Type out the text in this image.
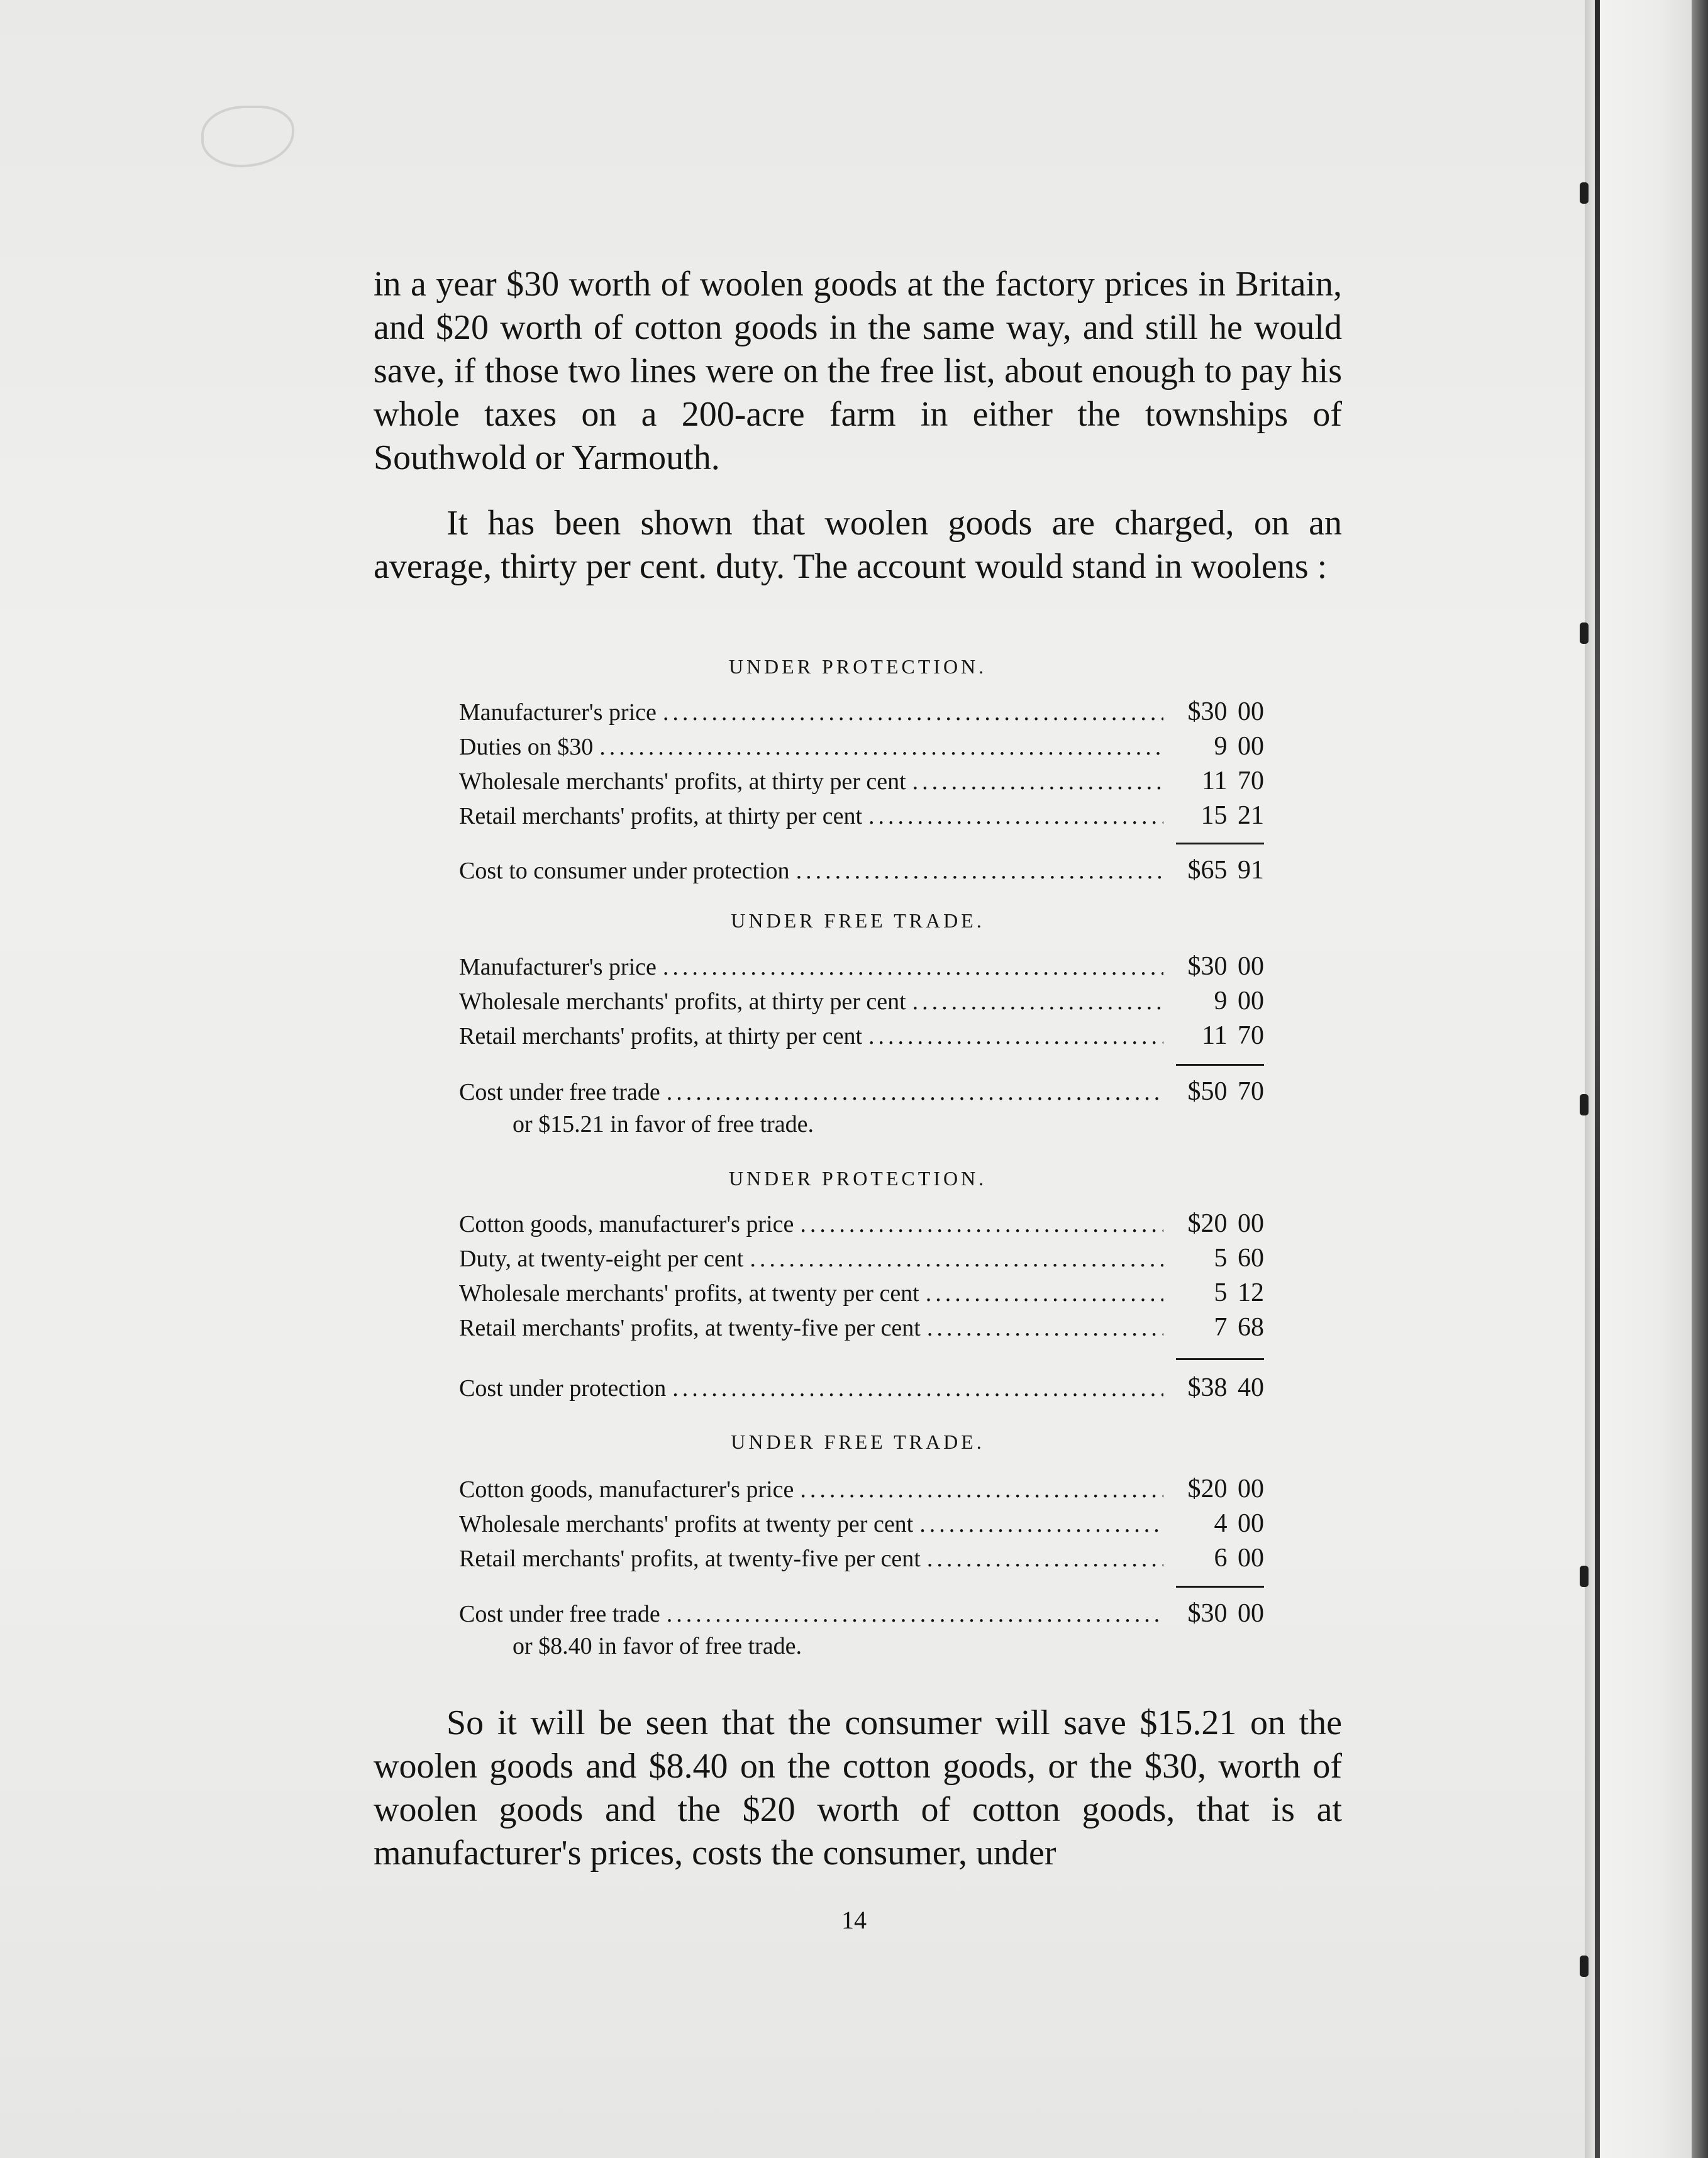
in a year $30 worth of woolen goods at the factory prices in Britain, and $20 worth of cotton goods in the same way, and still he would save, if those two lines were on the free list, about enough to pay his whole taxes on a 200-acre farm in either the townships of Southwold or Yarmouth.

It has been shown that woolen goods are charged, on an average, thirty per cent. duty. The account would stand in woolens :

UNDER PROTECTION.
Manufacturer's price .....	$30 00
Duties on $30 .....	9 00
Wholesale merchants' profits, at thirty per cent .....	11 70
Retail merchants' profits, at thirty per cent .....	15 21
Cost to consumer under protection .....	$65 91
UNDER FREE TRADE.
Manufacturer's price .....	$30 00
Wholesale merchants' profits, at thirty per cent .....	9 00
Retail merchants' profits, at thirty per cent .....	11 70
Cost under free trade .....	$50 70
or $15.21 in favor of free trade.
UNDER PROTECTION.
Cotton goods, manufacturer's price .....	$20 00
Duty, at twenty-eight per cent .....	5 60
Wholesale merchants' profits, at twenty per cent .....	5 12
Retail merchants' profits, at twenty-five per cent .....	7 68
Cost under protection .....	$38 40
UNDER FREE TRADE.
Cotton goods, manufacturer's price .....	$20 00
Wholesale merchants' profits at twenty per cent .....	4 00
Retail merchants' profits, at twenty-five per cent .....	6 00
Cost under free trade .....	$30 00
or $8.40 in favor of free trade.

So it will be seen that the consumer will save $15.21 on the woolen goods and $8.40 on the cotton goods, or the $30, worth of woolen goods and the $20 worth of cotton goods, that is at manufacturer's prices, costs the consumer, under

14
